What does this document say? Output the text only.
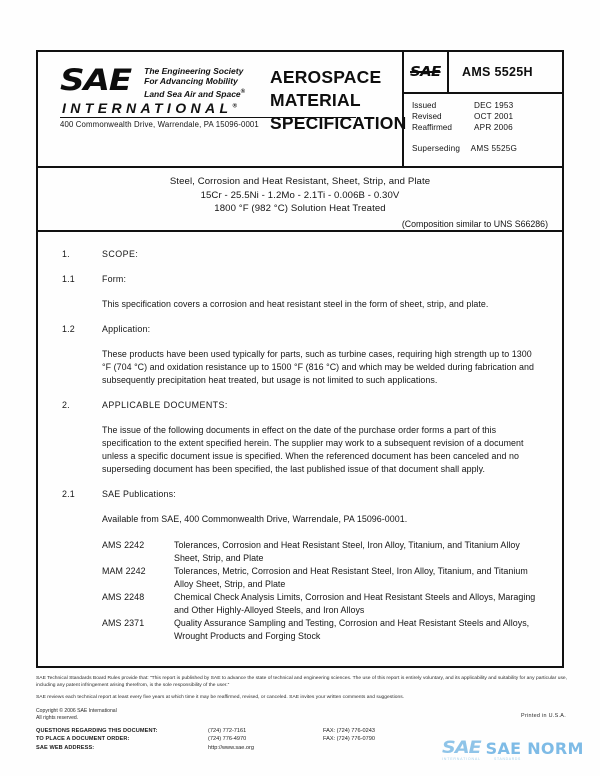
SAE The Engineering Society
For Advancing Mobility
Land Sea Air and Space®
INTERNATIONAL®
400 Commonwealth Drive, Warrendale, PA 15096-0001
AEROSPACE
MATERIAL
SPECIFICATION
SAE	AMS 5525H
Issued	DEC 1953
Revised	OCT 2001
Reaffirmed	APR 2006
Superseding AMS 5525G
Steel, Corrosion and Heat Resistant, Sheet, Strip, and Plate
15Cr - 25.5Ni - 1.2Mo - 2.1Ti - 0.006B - 0.30V
1800 °F (982 °C) Solution Heat Treated
(Composition similar to UNS S66286)
1.	SCOPE:
1.1	Form:
This specification covers a corrosion and heat resistant steel in the form of sheet, strip, and plate.
1.2	Application:
These products have been used typically for parts, such as turbine cases, requiring high strength up to 1300 °F (704 °C) and oxidation resistance up to 1500 °F (816 °C) and which may be welded during fabrication and subsequently precipitation heat treated, but usage is not limited to such applications.
2.	APPLICABLE DOCUMENTS:
The issue of the following documents in effect on the date of the purchase order forms a part of this specification to the extent specified herein. The supplier may work to a subsequent revision of a document unless a specific document issue is specified. When the referenced document has been canceled and no superseding document has been specified, the last published issue of that document shall apply.
2.1	SAE Publications:
Available from SAE, 400 Commonwealth Drive, Warrendale, PA 15096-0001.
AMS 2242	Tolerances, Corrosion and Heat Resistant Steel, Iron Alloy, Titanium, and Titanium Alloy Sheet, Strip, and Plate
MAM 2242	Tolerances, Metric, Corrosion and Heat Resistant Steel, Iron Alloy, Titanium, and Titanium Alloy Sheet, Strip, and Plate
AMS 2248	Chemical Check Analysis Limits, Corrosion and Heat Resistant Steels and Alloys, Maraging and Other Highly-Alloyed Steels, and Iron Alloys
AMS 2371	Quality Assurance Sampling and Testing, Corrosion and Heat Resistant Steels and Alloys, Wrought Products and Forging Stock
SAE Technical Standards Board Rules provide that: “This report is published by SAE to advance the state of technical and engineering sciences. The use of this report is entirely voluntary, and its applicability and suitability for any particular use, including any patent infringement arising therefrom, is the sole responsibility of the user.”
SAE reviews each technical report at least every five years at which time it may be reaffirmed, revised, or canceled. SAE invites your written comments and suggestions.
Copyright © 2006 SAE International
All rights reserved.	Printed in U.S.A.
QUESTIONS REGARDING THIS DOCUMENT:	(724) 772-7161	FAX: (724) 776-0243
TO PLACE A DOCUMENT ORDER:	(724) 776-4970	FAX: (724) 776-0790
SAE WEB ADDRESS:	http://www.sae.org	SAE SAE NORM
INTERNATIONAL	STANDARDS
